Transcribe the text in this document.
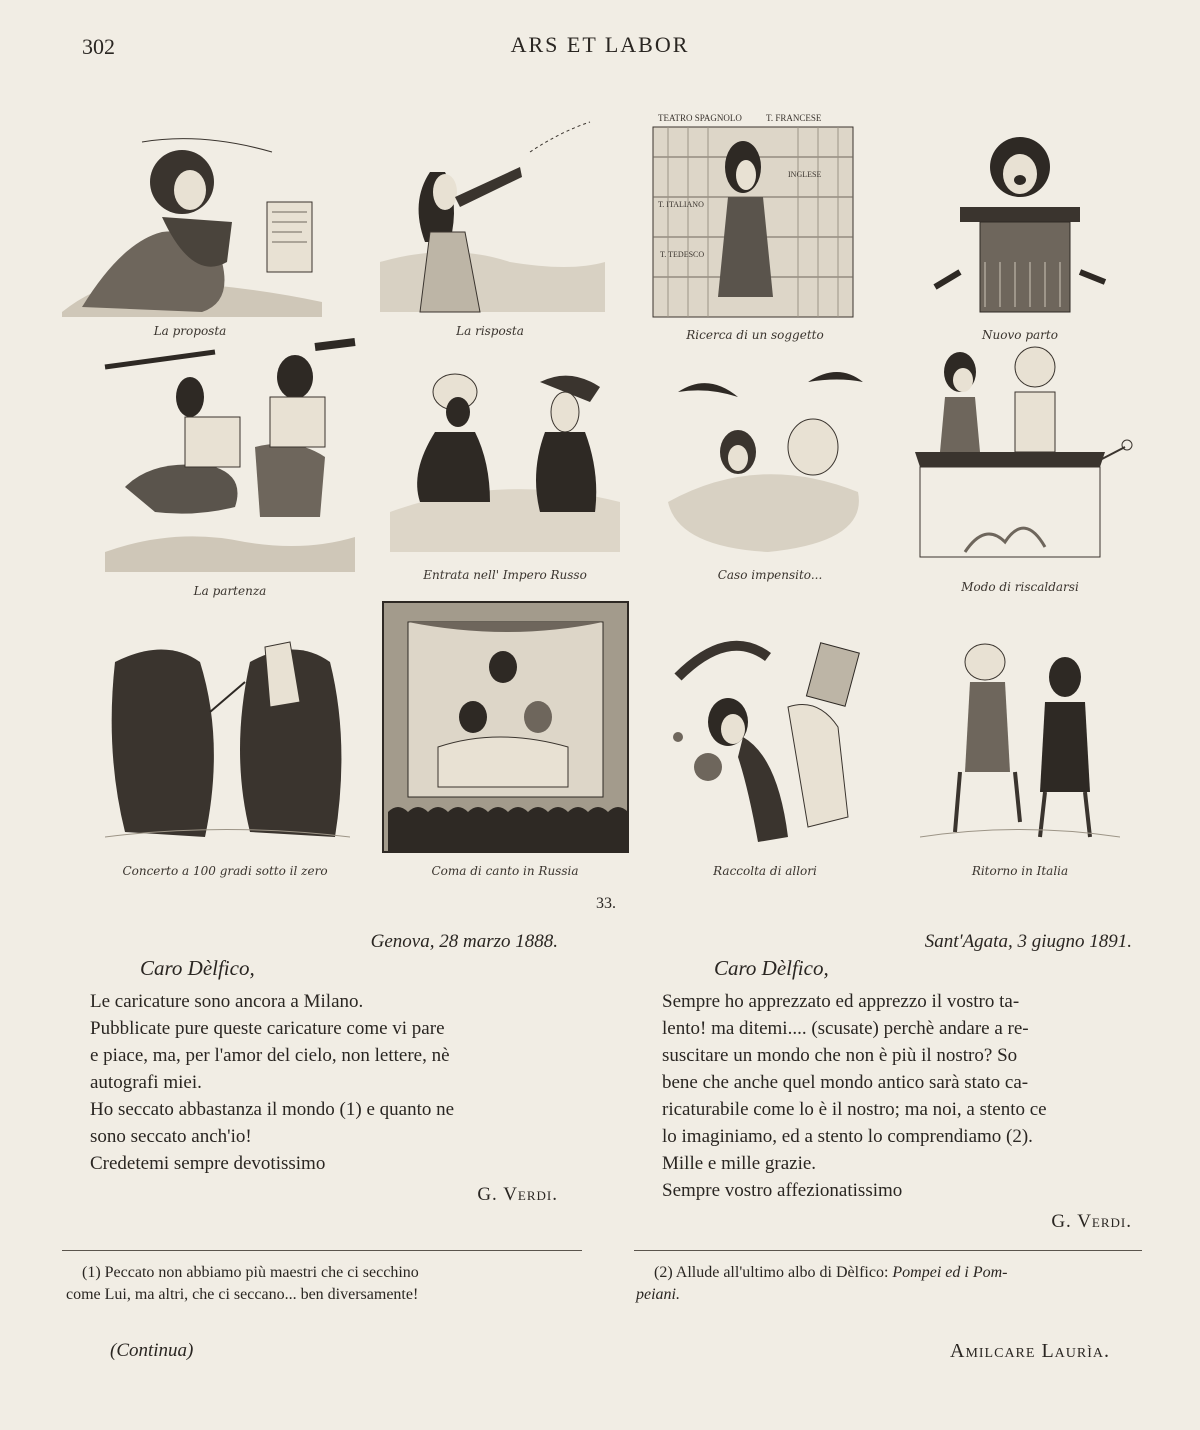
302	ARS ET LABOR
TEATRO SPAGNOLO	T. FRANCESE
T. ITALIANO
INGLESE
T. TEDESCO
La proposta	La risposta	Ricerca di un soggetto	Nuovo parto
La partenza
Entrata nell' Impero Russo	Caso impensito...
Modo di riscaldarsi
Concerto a 100 gradi sotto il zero	Coma di canto in Russia	Raccolta di allori	Ritorno in Italia
33.

Genova, 28 marzo 1888.

Caro Dèlfico,

Le caricature sono ancora a Milano.
Pubblicate pure queste caricature come vi pare
e piace, ma, per l'amor del cielo, non lettere, nè
autografi miei.
Ho seccato abbastanza il mondo (1) e quanto ne
sono seccato anch'io!
Credetemi sempre devotissimo

G. Verdi.

Sant'Agata, 3 giugno 1891.

Caro Dèlfico,

Sempre ho apprezzato ed apprezzo il vostro ta-
lento! ma ditemi.... (scusate) perchè andare a re-
suscitare un mondo che non è più il nostro? So
bene che anche quel mondo antico sarà stato ca-
ricaturabile come lo è il nostro; ma noi, a stento ce
lo imaginiamo, ed a stento lo comprendiamo (2).
Mille e mille grazie.
Sempre vostro affezionatissimo

G. Verdi.

(1) Peccato non abbiamo più maestri che ci secchino
come Lui, ma altri, che ci seccano... ben diversamente!
(2) Allude all'ultimo albo di Dèlfico: Pompei ed i Pom-
peiani.
(Continua)	Amilcare Laurìa.
